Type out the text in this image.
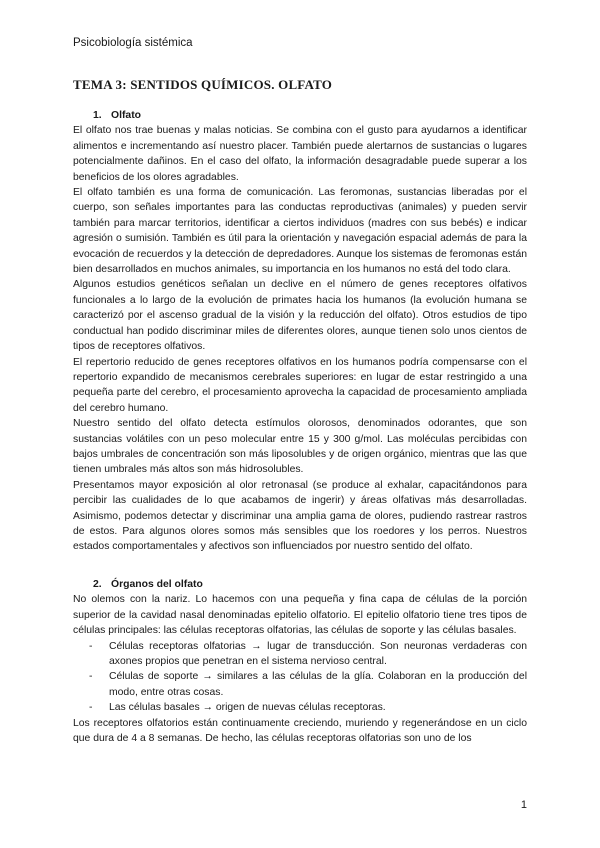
Psicobiología sistémica
TEMA 3: SENTIDOS QUÍMICOS. OLFATO
1. Olfato

El olfato nos trae buenas y malas noticias. Se combina con el gusto para ayudarnos a identificar alimentos e incrementando así nuestro placer. También puede alertarnos de sustancias o lugares potencialmente dañinos. En el caso del olfato, la información desagradable puede superar a los beneficios de los olores agradables.

El olfato también es una forma de comunicación. Las feromonas, sustancias liberadas por el cuerpo, son señales importantes para las conductas reproductivas (animales) y pueden servir también para marcar territorios, identificar a ciertos individuos (madres con sus bebés) e indicar agresión o sumisión. También es útil para la orientación y navegación espacial además de para la evocación de recuerdos y la detección de depredadores. Aunque los sistemas de feromonas están bien desarrollados en muchos animales, su importancia en los humanos no está del todo clara.

Algunos estudios genéticos señalan un declive en el número de genes receptores olfativos funcionales a lo largo de la evolución de primates hacia los humanos (la evolución humana se caracterizó por el ascenso gradual de la visión y la reducción del olfato). Otros estudios de tipo conductual han podido discriminar miles de diferentes olores, aunque tienen solo unos cientos de tipos de receptores olfativos.

El repertorio reducido de genes receptores olfativos en los humanos podría compensarse con el repertorio expandido de mecanismos cerebrales superiores: en lugar de estar restringido a una pequeña parte del cerebro, el procesamiento aprovecha la capacidad de procesamiento ampliada del cerebro humano.

Nuestro sentido del olfato detecta estímulos olorosos, denominados odorantes, que son sustancias volátiles con un peso molecular entre 15 y 300 g/mol. Las moléculas percibidas con bajos umbrales de concentración son más liposolubles y de origen orgánico, mientras que las que tienen umbrales más altos son más hidrosolubles.

Presentamos mayor exposición al olor retronasal (se produce al exhalar, capacitándonos para percibir las cualidades de lo que acabamos de ingerir) y áreas olfativas más desarrolladas. Asimismo, podemos detectar y discriminar una amplia gama de olores, pudiendo rastrear rastros de estos. Para algunos olores somos más sensibles que los roedores y los perros. Nuestros estados comportamentales y afectivos son influenciados por nuestro sentido del olfato.

2. Órganos del olfato

No olemos con la nariz. Lo hacemos con una pequeña y fina capa de células de la porción superior de la cavidad nasal denominadas epitelio olfatorio. El epitelio olfatorio tiene tres tipos de células principales: las células receptoras olfatorias, las células de soporte y las células basales.

- Células receptoras olfatorias → lugar de transducción. Son neuronas verdaderas con axones propios que penetran en el sistema nervioso central.
- Células de soporte → similares a las células de la glía. Colaboran en la producción del modo, entre otras cosas.
- Las células basales → origen de nuevas células receptoras.

Los receptores olfatorios están continuamente creciendo, muriendo y regenerándose en un ciclo que dura de 4 a 8 semanas. De hecho, las células receptoras olfatorias son uno de los

1
